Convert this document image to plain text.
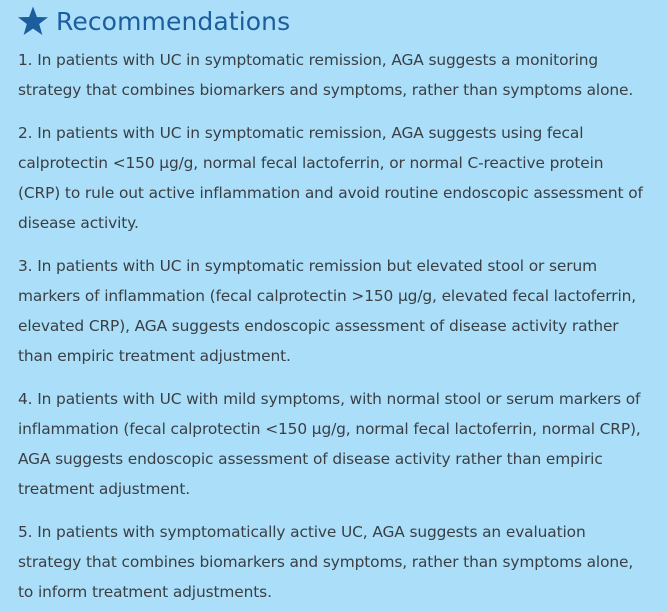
Recommendations

1. In patients with UC in symptomatic remission, AGA suggests a monitoring strategy that combines biomarkers and symptoms, rather than symptoms alone.

2. In patients with UC in symptomatic remission, AGA suggests using fecal calprotectin <150 µg/g, normal fecal lactoferrin, or normal C-reactive protein (CRP) to rule out active inflammation and avoid routine endoscopic assessment of disease activity.

3. In patients with UC in symptomatic remission but elevated stool or serum markers of inflammation (fecal calprotectin >150 µg/g, elevated fecal lactoferrin, elevated CRP), AGA suggests endoscopic assessment of disease activity rather than empiric treatment adjustment.

4. In patients with UC with mild symptoms, with normal stool or serum markers of inflammation (fecal calprotectin <150 µg/g, normal fecal lactoferrin, normal CRP), AGA suggests endoscopic assessment of disease activity rather than empiric treatment adjustment.

5. In patients with symptomatically active UC, AGA suggests an evaluation strategy that combines biomarkers and symptoms, rather than symptoms alone, to inform treatment adjustments.
